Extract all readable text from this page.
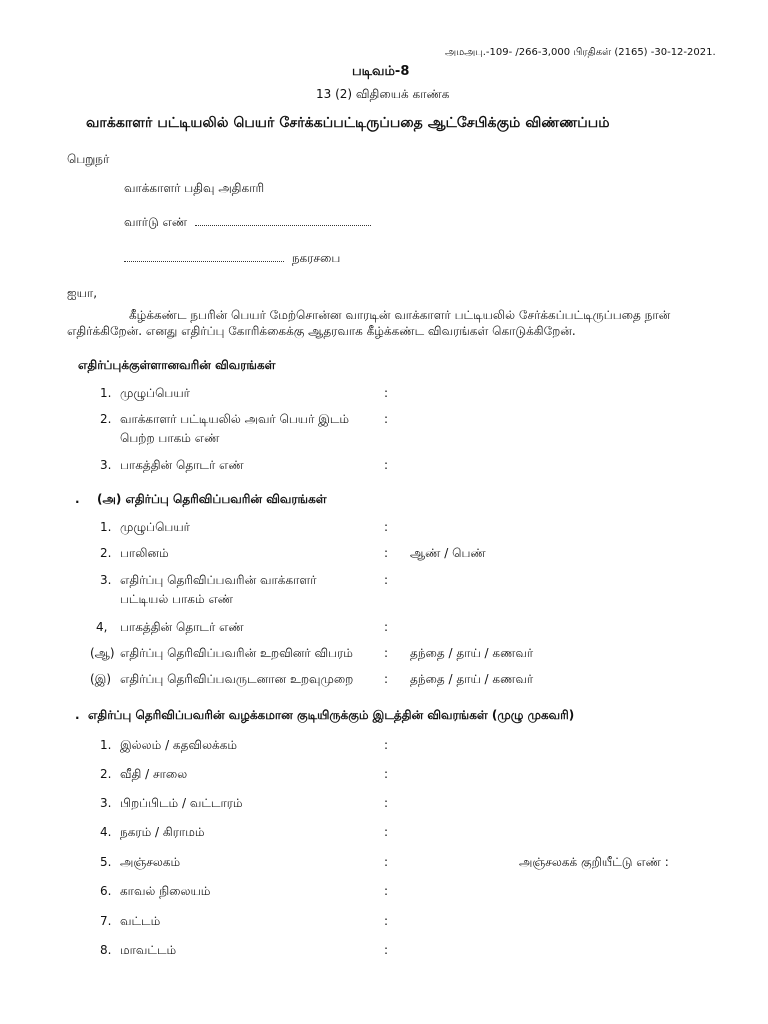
அமஅபு.-109- /266-3,000 பிரதிகள் (2165) -30-12-2021.
படிவம்-8
13 (2) விதியைக் காண்க
வாக்காளர் பட்டியலில் பெயர் சேர்க்கப்பட்டிருப்பதை ஆட்சேபிக்கும் விண்ணப்பம்
பெறுநர்
வாக்காளர் பதிவு அதிகாரி
வார்டு எண்
நகரசபை
ஐயா,
கீழ்க்கண்ட நபரின் பெயர் மேற்சொன்ன வாரடின் வாக்காளர் பட்டியலில் சேர்க்கப்பட்டிருப்பதை நான்
எதிர்க்கிறேன். எனது எதிர்ப்பு கோரிக்கைக்கு ஆதரவாக கீழ்க்கண்ட விவரங்கள் கொடுக்கிறேன்.
எதிர்ப்புக்குள்ளானவரின் விவரங்கள்
1. முழுப்பெயர்	:
2. வாக்காளர் பட்டியலில் அவர் பெயர் இடம்
பெற்ற பாகம் எண்
:
3. பாகத்தின் தொடர் எண்	:
. (அ) எதிர்ப்பு தெரிவிப்பவரின் விவரங்கள்
1. முழுப்பெயர்	:
2. பாலினம்	: ஆண் / பெண்
3. எதிர்ப்பு தெரிவிப்பவரின் வாக்காளர்
பட்டியல் பாகம் எண்
:
4, பாகத்தின் தொடர் எண்	:
(ஆ) எதிர்ப்பு தெரிவிப்பவரின் உறவினர் விபரம்	: தந்தை / தாய் / கணவர்
(இ) எதிர்ப்பு தெரிவிப்பவருடனான உறவுமுறை	: தந்தை / தாய் / கணவர்
. எதிர்ப்பு தெரிவிப்பவரின் வழக்கமான குடியிருக்கும் இடத்தின் விவரங்கள் (முழு முகவரி)
1. இல்லம் / கதவிலக்கம்	:
2. வீதி / சாலை	:
3. பிறப்பிடம் / வட்டாரம்	:
4. நகரம் / கிராமம்	:
5. அஞ்சலகம்	:	அஞ்சலகக் குறியீட்டு எண் :
6. காவல் நிலையம்	:
7. வட்டம்	:
8. மாவட்டம்	:
